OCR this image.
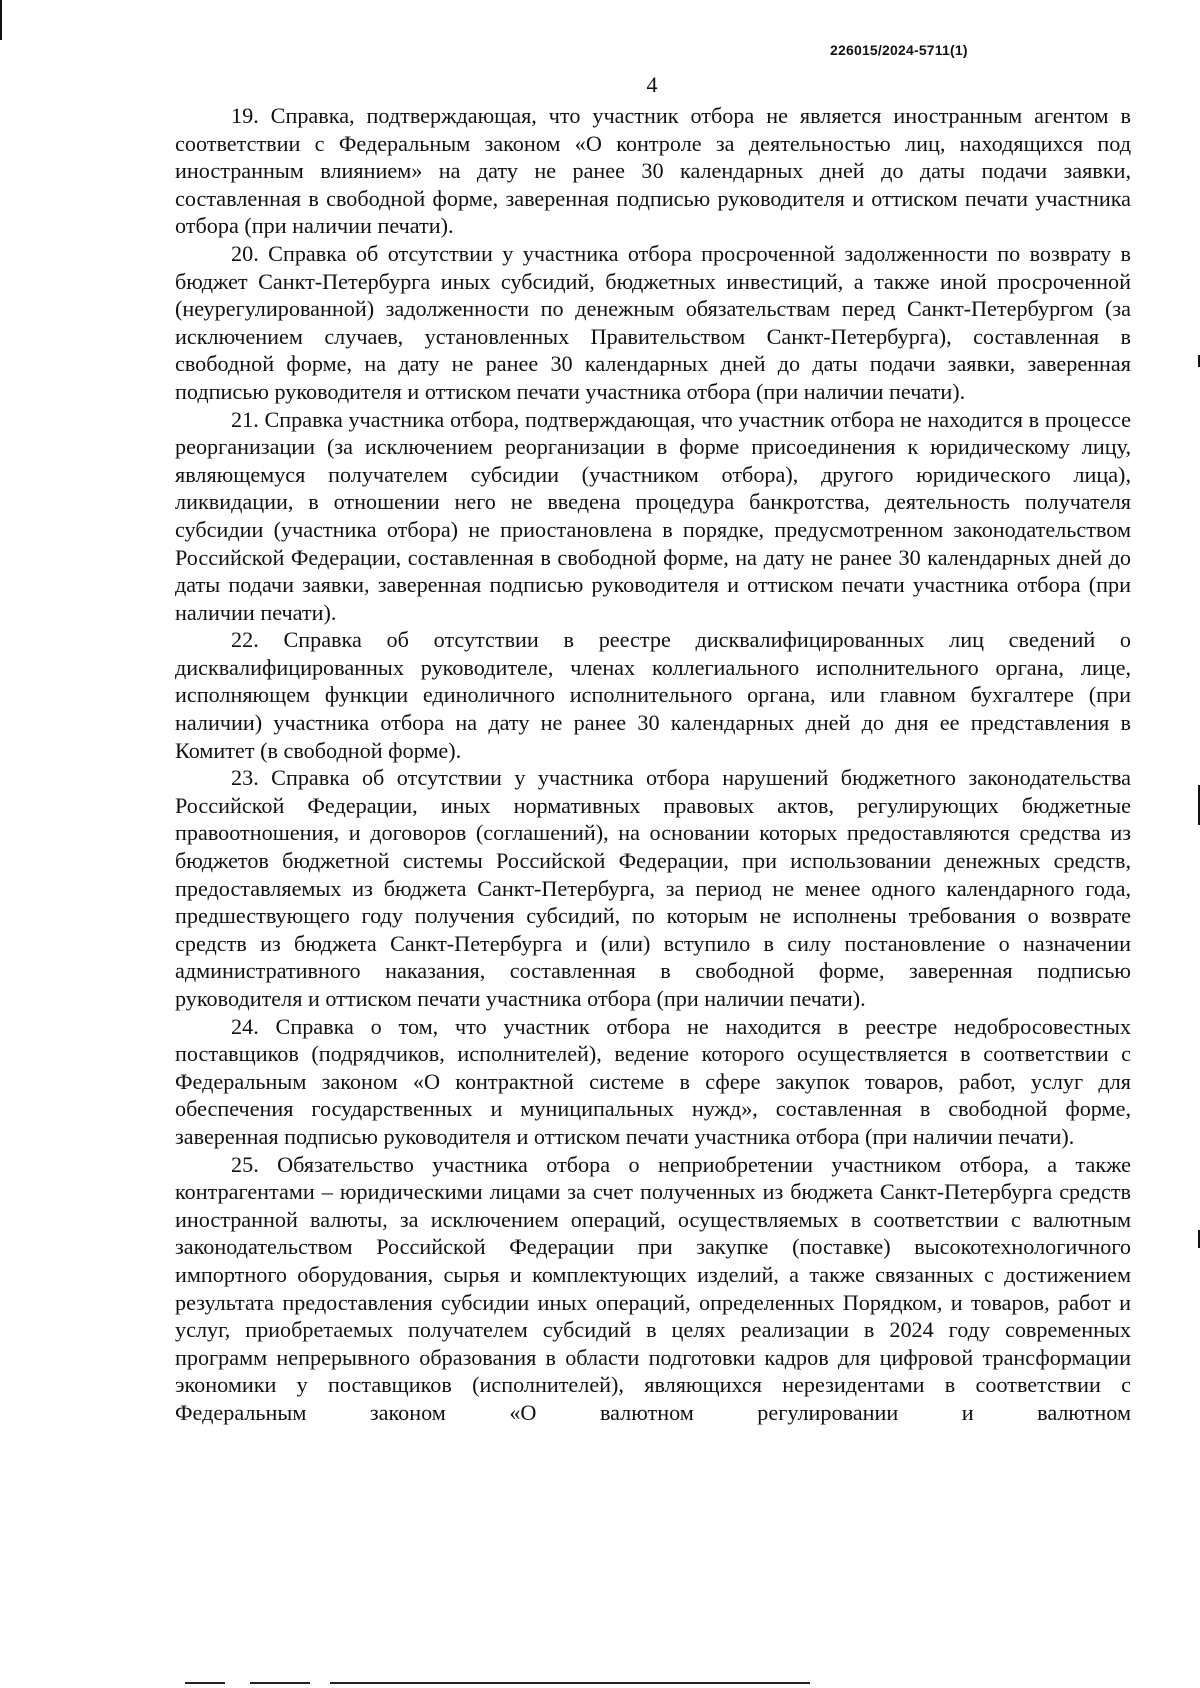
226015/2024-5711(1)
4

19. Справка, подтверждающая, что участник отбора не является иностранным агентом в соответствии с Федеральным законом «О контроле за деятельностью лиц, находящихся под иностранным влиянием» на дату не ранее 30 календарных дней до даты подачи заявки, составленная в свободной форме, заверенная подписью руководителя и оттиском печати участника отбора (при наличии печати).

20. Справка об отсутствии у участника отбора просроченной задолженности по возврату в бюджет Санкт-Петербурга иных субсидий, бюджетных инвестиций, а также иной просроченной (неурегулированной) задолженности по денежным обязательствам перед Санкт-Петербургом (за исключением случаев, установленных Правительством Санкт-Петербурга), составленная в свободной форме, на дату не ранее 30 календарных дней до даты подачи заявки, заверенная подписью руководителя и оттиском печати участника отбора (при наличии печати).

21. Справка участника отбора, подтверждающая, что участник отбора не находится в процессе реорганизации (за исключением реорганизации в форме присоединения к юридическому лицу, являющемуся получателем субсидии (участником отбора), другого юридического лица), ликвидации, в отношении него не введена процедура банкротства, деятельность получателя субсидии (участника отбора) не приостановлена в порядке, предусмотренном законодательством Российской Федерации, составленная в свободной форме, на дату не ранее 30 календарных дней до даты подачи заявки, заверенная подписью руководителя и оттиском печати участника отбора (при наличии печати).

22. Справка об отсутствии в реестре дисквалифицированных лиц сведений о дисквалифицированных руководителе, членах коллегиального исполнительного органа, лице, исполняющем функции единоличного исполнительного органа, или главном бухгалтере (при наличии) участника отбора на дату не ранее 30 календарных дней до дня ее представления в Комитет (в свободной форме).

23. Справка об отсутствии у участника отбора нарушений бюджетного законодательства Российской Федерации, иных нормативных правовых актов, регулирующих бюджетные правоотношения, и договоров (соглашений), на основании которых предоставляются средства из бюджетов бюджетной системы Российской Федерации, при использовании денежных средств, предоставляемых из бюджета Санкт-Петербурга, за период не менее одного календарного года, предшествующего году получения субсидий, по которым не исполнены требования о возврате средств из бюджета Санкт-Петербурга и (или) вступило в силу постановление о назначении административного наказания, составленная в свободной форме, заверенная подписью руководителя и оттиском печати участника отбора (при наличии печати).

24. Справка о том, что участник отбора не находится в реестре недобросовестных поставщиков (подрядчиков, исполнителей), ведение которого осуществляется в соответствии с Федеральным законом «О контрактной системе в сфере закупок товаров, работ, услуг для обеспечения государственных и муниципальных нужд», составленная в свободной форме, заверенная подписью руководителя и оттиском печати участника отбора (при наличии печати).

25. Обязательство участника отбора о неприобретении участником отбора, а также контрагентами – юридическими лицами за счет полученных из бюджета Санкт-Петербурга средств иностранной валюты, за исключением операций, осуществляемых в соответствии с валютным законодательством Российской Федерации при закупке (поставке) высокотехнологичного импортного оборудования, сырья и комплектующих изделий, а также связанных с достижением результата предоставления субсидии иных операций, определенных Порядком, и товаров, работ и услуг, приобретаемых получателем субсидий в целях реализации в 2024 году современных программ непрерывного образования в области подготовки кадров для цифровой трансформации экономики у поставщиков (исполнителей), являющихся нерезидентами в соответствии с Федеральным законом «О валютном регулировании и валютном
